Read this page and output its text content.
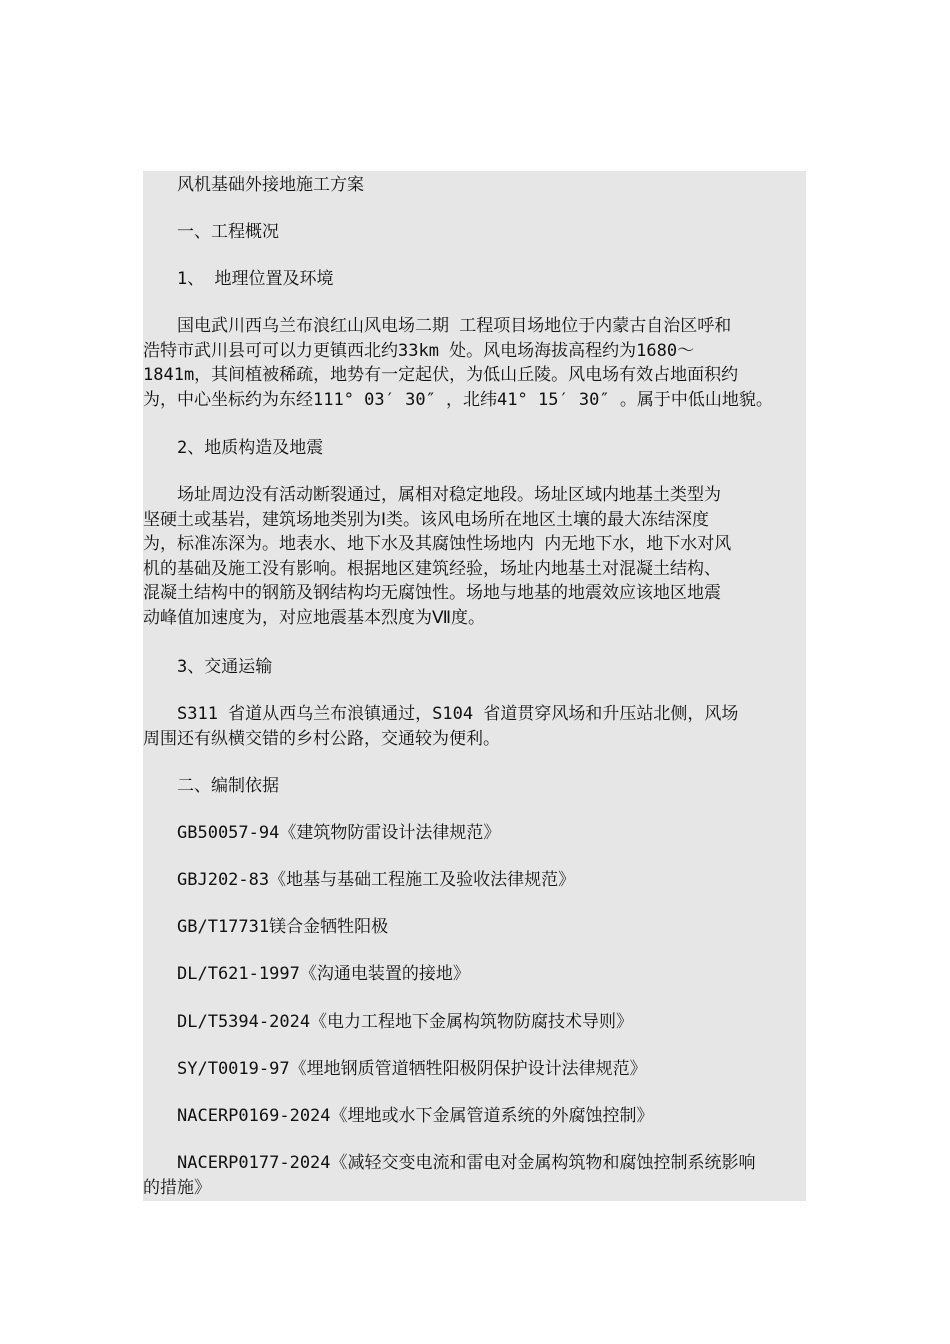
风机基础外接地施工方案
一、工程概况
1、 地理位置及环境
国电武川西乌兰布浪红山风电场二期 工程项目场地位于内蒙古自治区呼和
浩特市武川县可可以力更镇西北约33km 处。风电场海拔高程约为1680～
1841m，其间植被稀疏，地势有一定起伏，为低山丘陵。风电场有效占地面积约
为，中心坐标约为东经111° 03′ 30″ ，北纬41° 15′ 30″ 。属于中低山地貌。
2、地质构造及地震
场址周边没有活动断裂通过，属相对稳定地段。场址区域内地基土类型为
坚硬土或基岩，建筑场地类别为Ⅰ类。该风电场所在地区土壤的最大冻结深度
为，标准冻深为。地表水、地下水及其腐蚀性场地内 内无地下水，地下水对风
机的基础及施工没有影响。根据地区建筑经验，场址内地基土对混凝土结构、
混凝土结构中的钢筋及钢结构均无腐蚀性。场地与地基的地震效应该地区地震
动峰值加速度为，对应地震基本烈度为Ⅶ度。
3、交通运输
S311 省道从西乌兰布浪镇通过，S104 省道贯穿风场和升压站北侧，风场
周围还有纵横交错的乡村公路，交通较为便利。
二、编制依据
GB50057-94《建筑物防雷设计法律规范》
GBJ202-83《地基与基础工程施工及验收法律规范》
GB/T17731镁合金牺牲阳极
DL/T621-1997《沟通电装置的接地》
DL/T5394-2024《电力工程地下金属构筑物防腐技术导则》
SY/T0019-97《埋地钢质管道牺牲阳极阴保护设计法律规范》
NACERP0169-2024《埋地或水下金属管道系统的外腐蚀控制》
NACERP0177-2024《减轻交变电流和雷电对金属构筑物和腐蚀控制系统影响
的措施》
